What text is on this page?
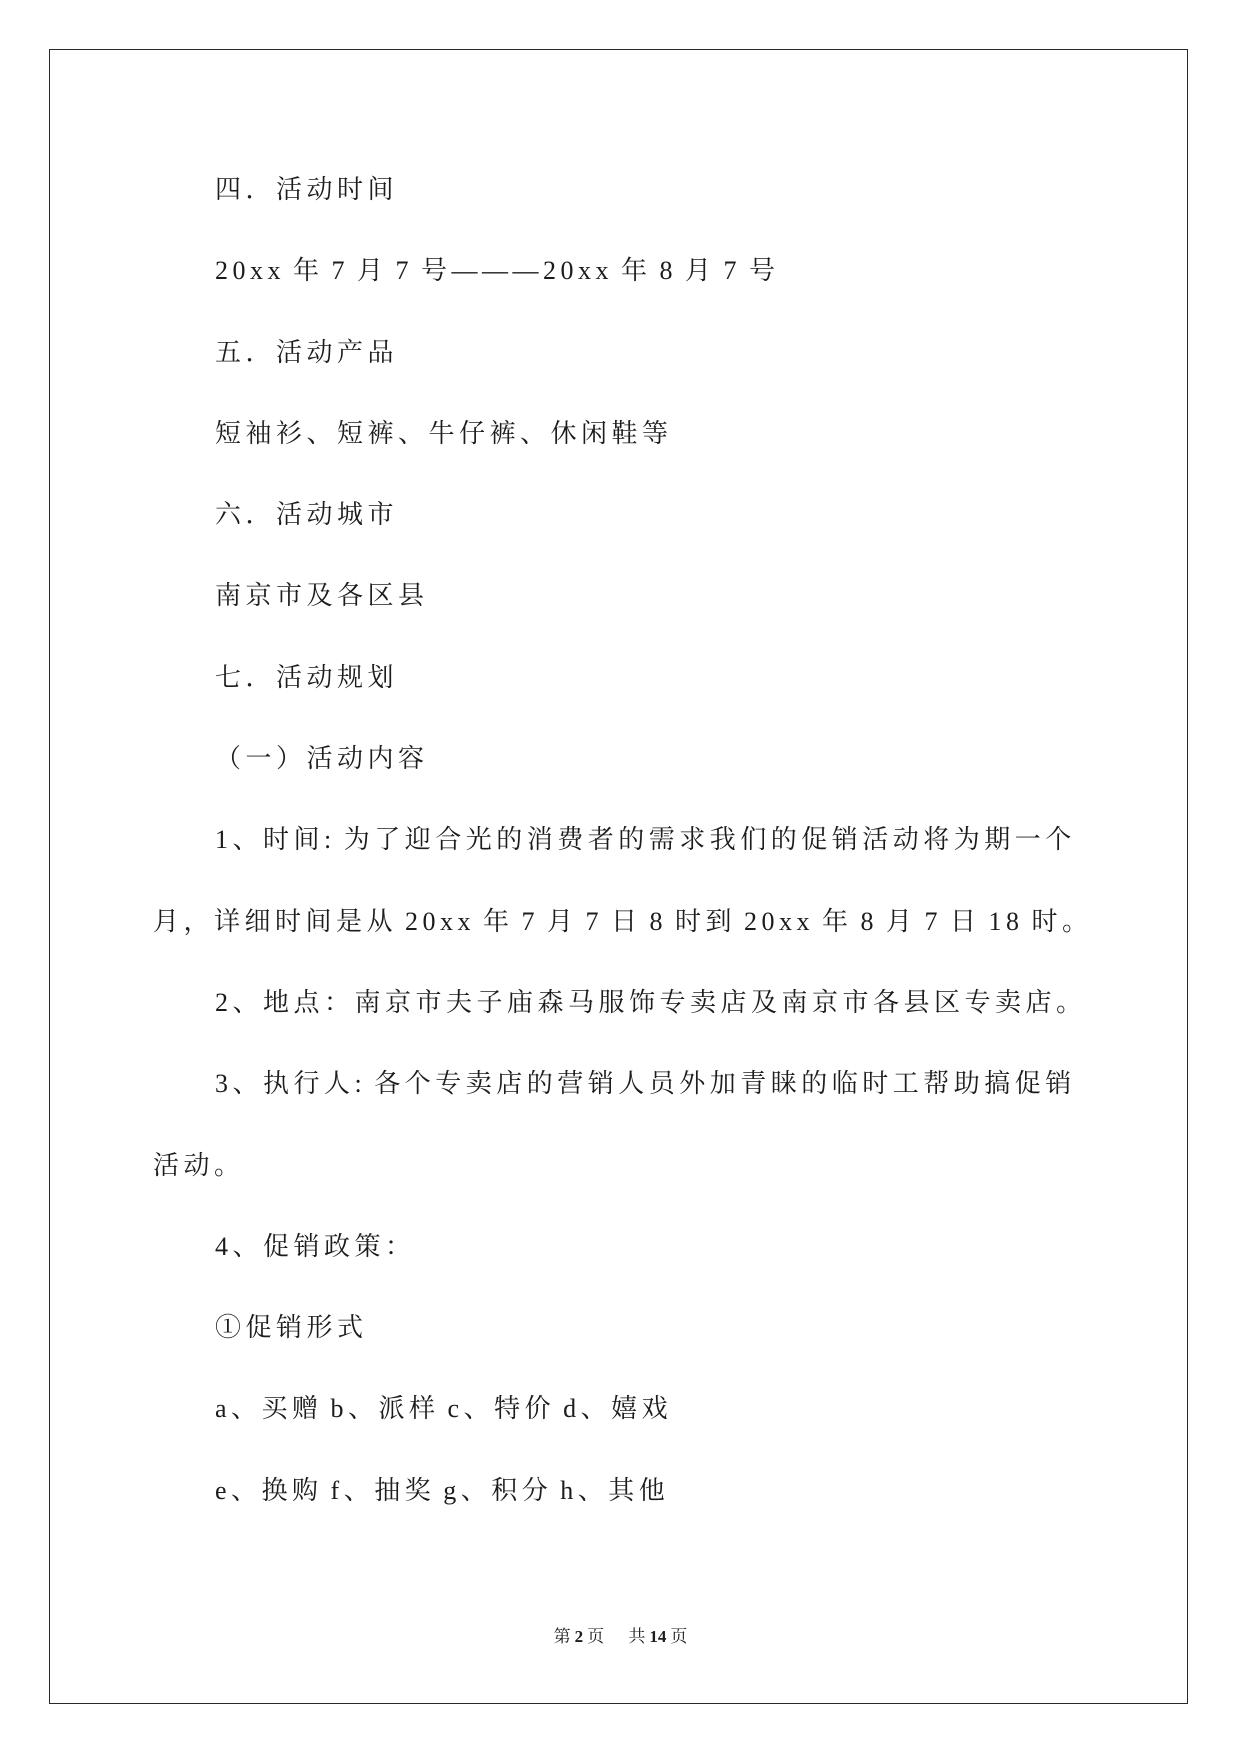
四．活动时间
20xx 年 7 月 7 号———20xx 年 8 月 7 号
五．活动产品
短袖衫、短裤、牛仔裤、休闲鞋等
六．活动城市
南京市及各区县
七．活动规划
（一）活动内容
1、时间: 为了迎合光的消费者的需求我们的促销活动将为期一个
月，详细时间是从 20xx 年 7 月 7 日 8 时到 20xx 年 8 月 7 日 18 时。
2、地点：南京市夫子庙森马服饰专卖店及南京市各县区专卖店。
3、执行人: 各个专卖店的营销人员外加青睐的临时工帮助搞促销
活动。
4、促销政策：
①促销形式
a、买赠 b、派样 c、特价 d、嬉戏
e、换购 f、抽奖 g、积分 h、其他
第 2 页 共 14 页
